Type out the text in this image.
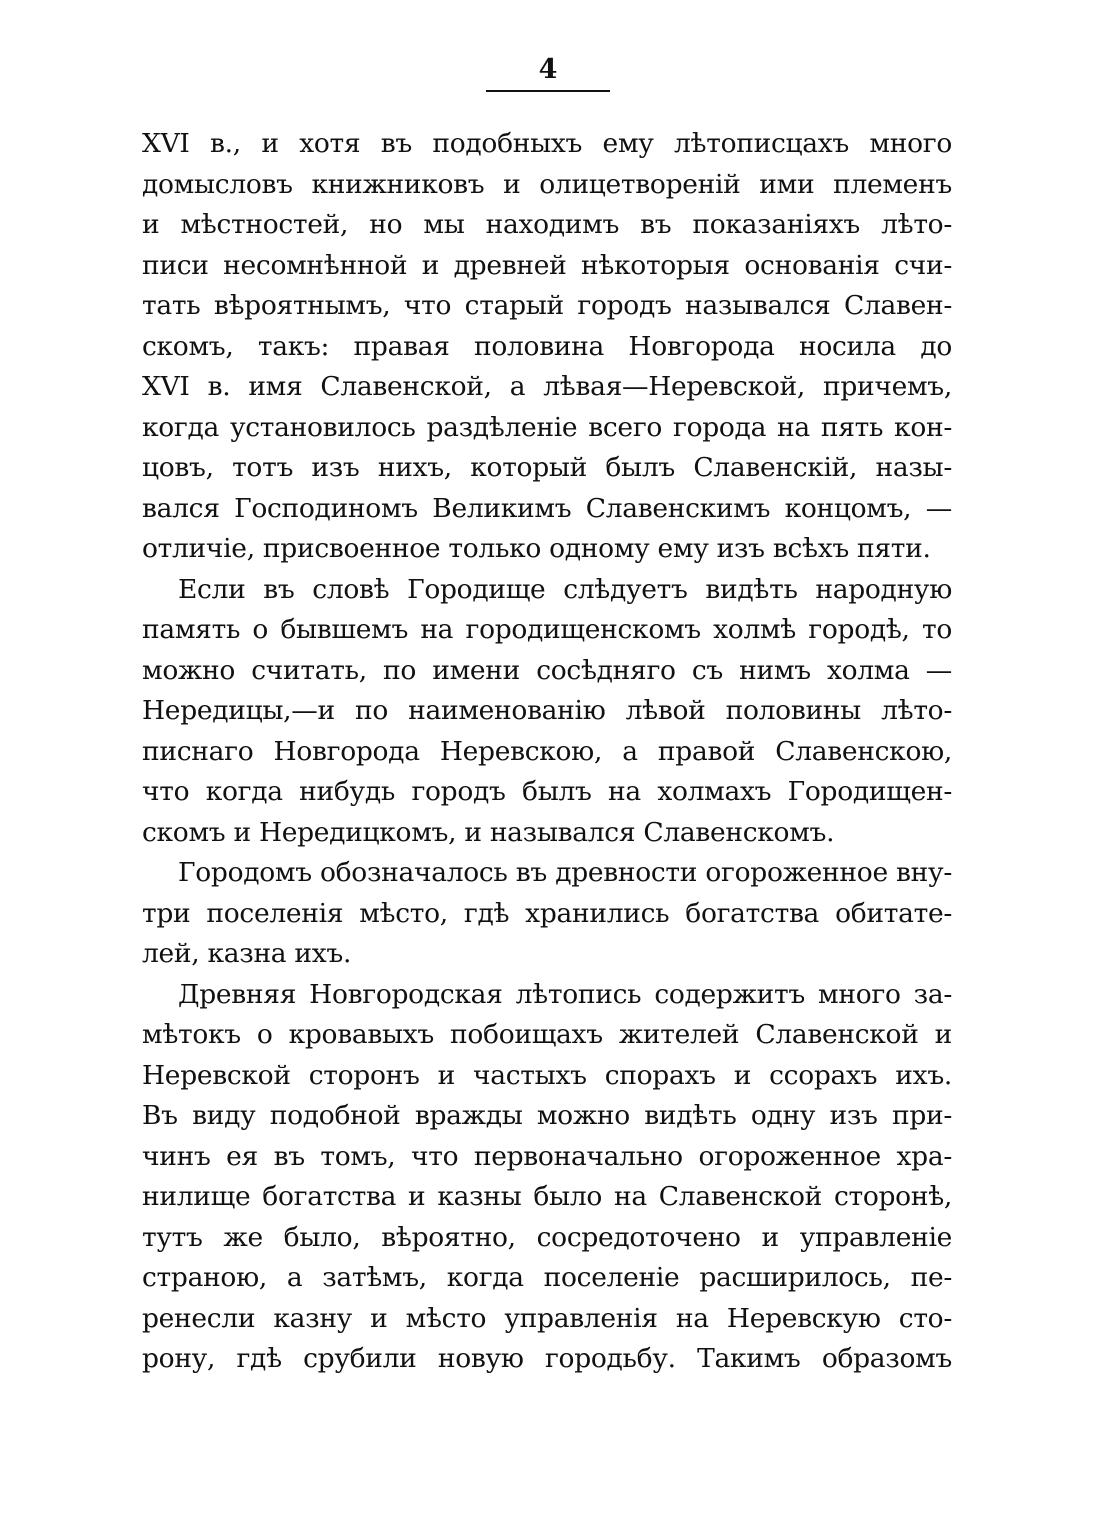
4
XVI в., и хотя въ подобныхъ ему лѣтописцахъ много
домысловъ книжниковъ и олицетвореній ими племенъ
и мѣстностей, но мы находимъ въ показаніяхъ лѣто-
писи несомнѣнной и древней нѣкоторыя основанія счи-
тать вѣроятнымъ, что старый городъ назывался Славен-
скомъ, такъ: правая половина Новгорода носила до
XVI в. имя Славенской, а лѣвая—Неревской, причемъ,
когда установилось раздѣленіе всего города на пять кон-
цовъ, тотъ изъ нихъ, который былъ Славенскій, назы-
вался Господиномъ Великимъ Славенскимъ концомъ, —
отличіе, присвоенное только одному ему изъ всѣхъ пяти.
Если въ словѣ Городище слѣдуетъ видѣть народную
память о бывшемъ на городищенскомъ холмѣ городѣ, то
можно считать, по имени сосѣдняго съ нимъ холма —
Нередицы,—и по наименованію лѣвой половины лѣто-
писнаго Новгорода Неревскою, а правой Славенскою,
что когда нибудь городъ былъ на холмахъ Городищен-
скомъ и Нередицкомъ, и назывался Славенскомъ.
Городомъ обозначалось въ древности огороженное вну-
три поселенія мѣсто, гдѣ хранились богатства обитате-
лей, казна ихъ.
Древняя Новгородская лѣтопись содержитъ много за-
мѣтокъ о кровавыхъ побоищахъ жителей Славенской и
Неревской сторонъ и частыхъ спорахъ и ссорахъ ихъ.
Въ виду подобной вражды можно видѣть одну изъ при-
чинъ ея въ томъ, что первоначально огороженное хра-
нилище богатства и казны было на Славенской сторонѣ,
тутъ же было, вѣроятно, сосредоточено и управленіе
страною, а затѣмъ, когда поселеніе расширилось, пе-
ренесли казну и мѣсто управленія на Неревскую сто-
рону, гдѣ срубили новую городьбу. Такимъ образомъ
